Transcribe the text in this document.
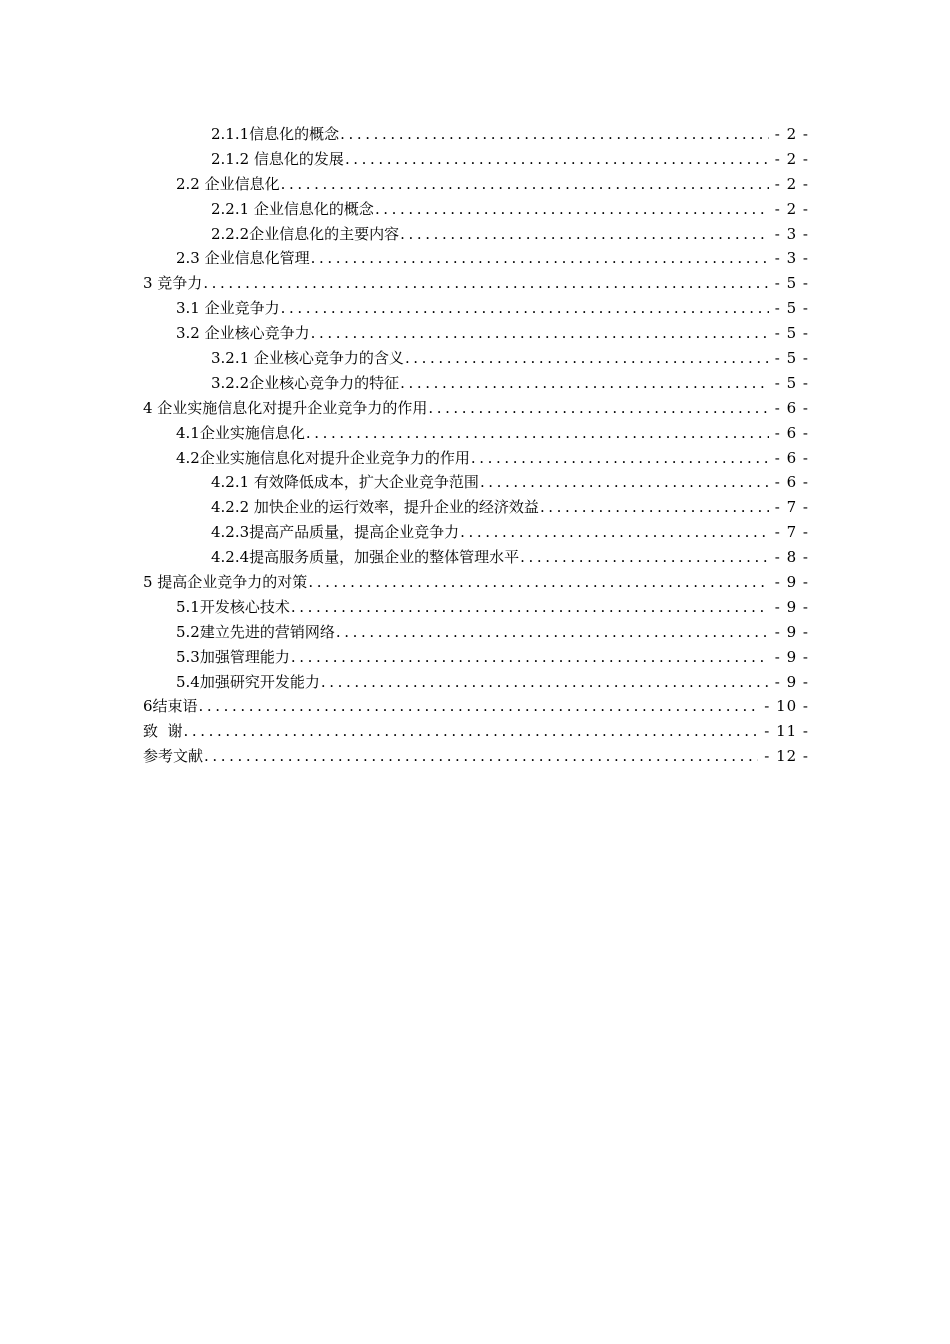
2.1.1信息化的概念 .....	- 2 -
2.1.2 信息化的发展 .....	- 2 -
2.2 企业信息化 .....	- 2 -
2.2.1 企业信息化的概念 .....	- 2 -
2.2.2企业信息化的主要内容 .....	- 3 -
2.3 企业信息化管理 .....	- 3 -
3 竞争力 .....	- 5 -
3.1 企业竞争力 .....	- 5 -
3.2 企业核心竞争力 .....	- 5 -
3.2.1 企业核心竞争力的含义 .....	- 5 -
3.2.2企业核心竞争力的特征 .....	- 5 -
4 企业实施信息化对提升企业竞争力的作用 .....	- 6 -
4.1企业实施信息化 .....	- 6 -
4.2企业实施信息化对提升企业竞争力的作用 .....	- 6 -
4.2.1 有效降低成本，扩大企业竞争范围 .....	- 6 -
4.2.2 加快企业的运行效率，提升企业的经济效益 .....	- 7 -
4.2.3提高产品质量，提高企业竞争力 .....	- 7 -
4.2.4提高服务质量，加强企业的整体管理水平 .....	- 8 -
5 提高企业竞争力的对策 .....	- 9 -
5.1开发核心技术 .....	- 9 -
5.2建立先进的营销网络 .....	- 9 -
5.3加强管理能力 .....	- 9 -
5.4加强研究开发能力 .....	- 9 -
6结束语 .....	- 10 -
致  谢 .....	- 11 -
参考文献 .....	- 12 -
